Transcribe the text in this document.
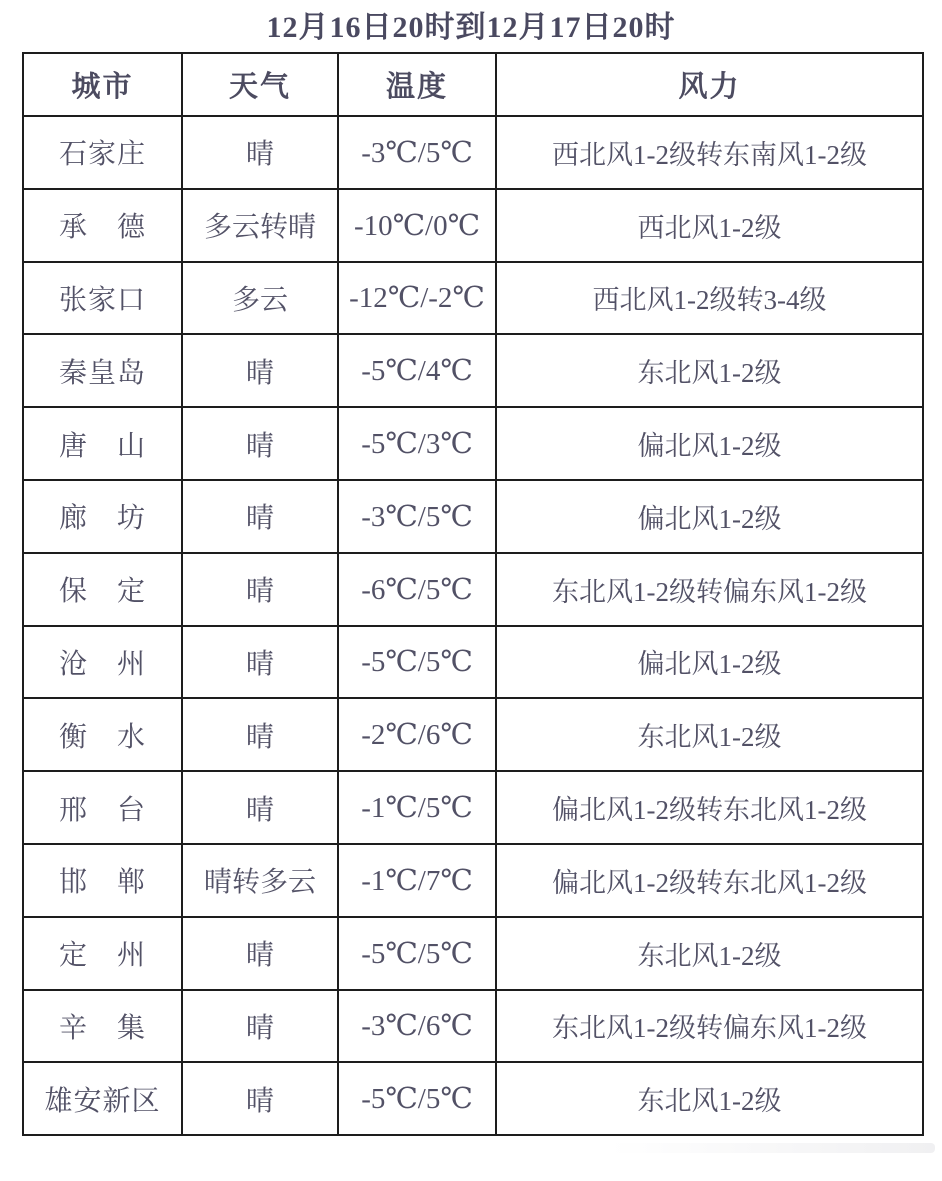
12月16日20时到12月17日20时
城市	天气	温度	风力
石家庄	晴	-3℃/5℃	西北风1-2级转东南风1-2级
承　德	多云转晴	-10℃/0℃	西北风1-2级
张家口	多云	-12℃/-2℃	西北风1-2级转3-4级
秦皇岛	晴	-5℃/4℃	东北风1-2级
唐　山	晴	-5℃/3℃	偏北风1-2级
廊　坊	晴	-3℃/5℃	偏北风1-2级
保　定	晴	-6℃/5℃	东北风1-2级转偏东风1-2级
沧　州	晴	-5℃/5℃	偏北风1-2级
衡　水	晴	-2℃/6℃	东北风1-2级
邢　台	晴	-1℃/5℃	偏北风1-2级转东北风1-2级
邯　郸	晴转多云	-1℃/7℃	偏北风1-2级转东北风1-2级
定　州	晴	-5℃/5℃	东北风1-2级
辛　集	晴	-3℃/6℃	东北风1-2级转偏东风1-2级
雄安新区	晴	-5℃/5℃	东北风1-2级
